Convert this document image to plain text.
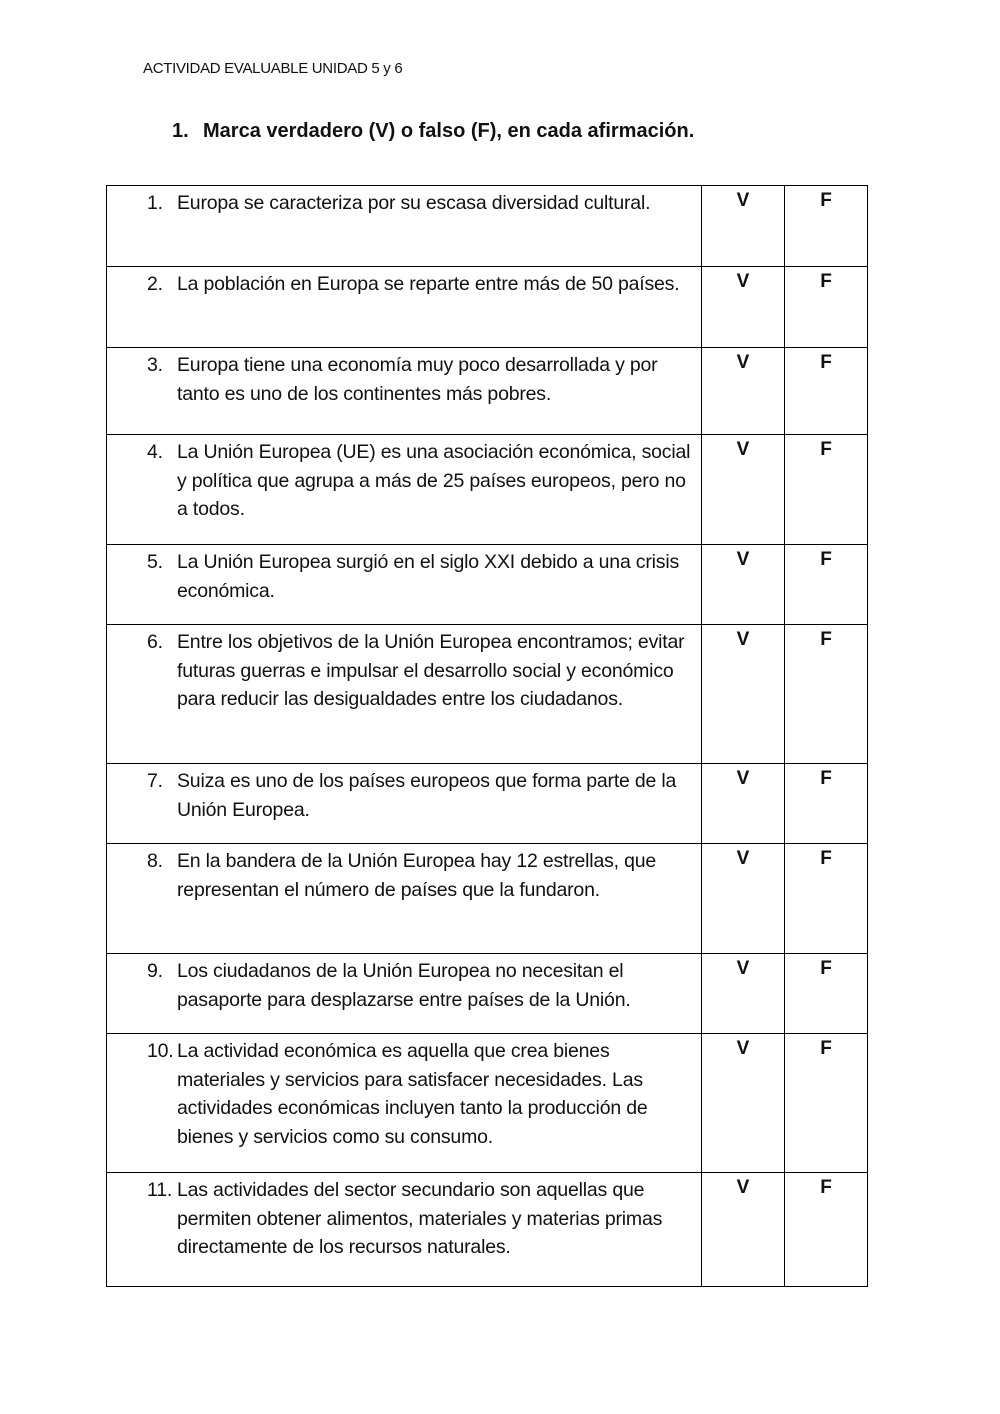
ACTIVIDAD EVALUABLE UNIDAD 5 y 6
1. Marca verdadero (V) o falso (F), en cada afirmación.
1. Europa se caracteriza por su escasa diversidad cultural.	V	F

2. La población en Europa se reparte entre más de 50 países.	V	F

3. Europa tiene una economía muy poco desarrollada y por tanto es uno de los continentes más pobres.	V	F

4. La Unión Europea (UE) es una asociación económica, social y política que agrupa a más de 25 países europeos, pero no a todos.	V	F

5. La Unión Europea surgió en el siglo XXI debido a una crisis económica.	V	F

6. Entre los objetivos de la Unión Europea encontramos; evitar futuras guerras e impulsar el desarrollo social y económico para reducir las desigualdades entre los ciudadanos.	V	F

7. Suiza es uno de los países europeos que forma parte de la Unión Europea.	V	F

8. En la bandera de la Unión Europea hay 12 estrellas, que representan el número de países que la fundaron.	V	F

9. Los ciudadanos de la Unión Europea no necesitan el pasaporte para desplazarse entre países de la Unión.	V	F

10. La actividad económica es aquella que crea bienes materiales y servicios para satisfacer necesidades. Las actividades económicas incluyen tanto la producción de bienes y servicios como su consumo.	V	F

11. Las actividades del sector secundario son aquellas que permiten obtener alimentos, materiales y materias primas directamente de los recursos naturales.	V	F
